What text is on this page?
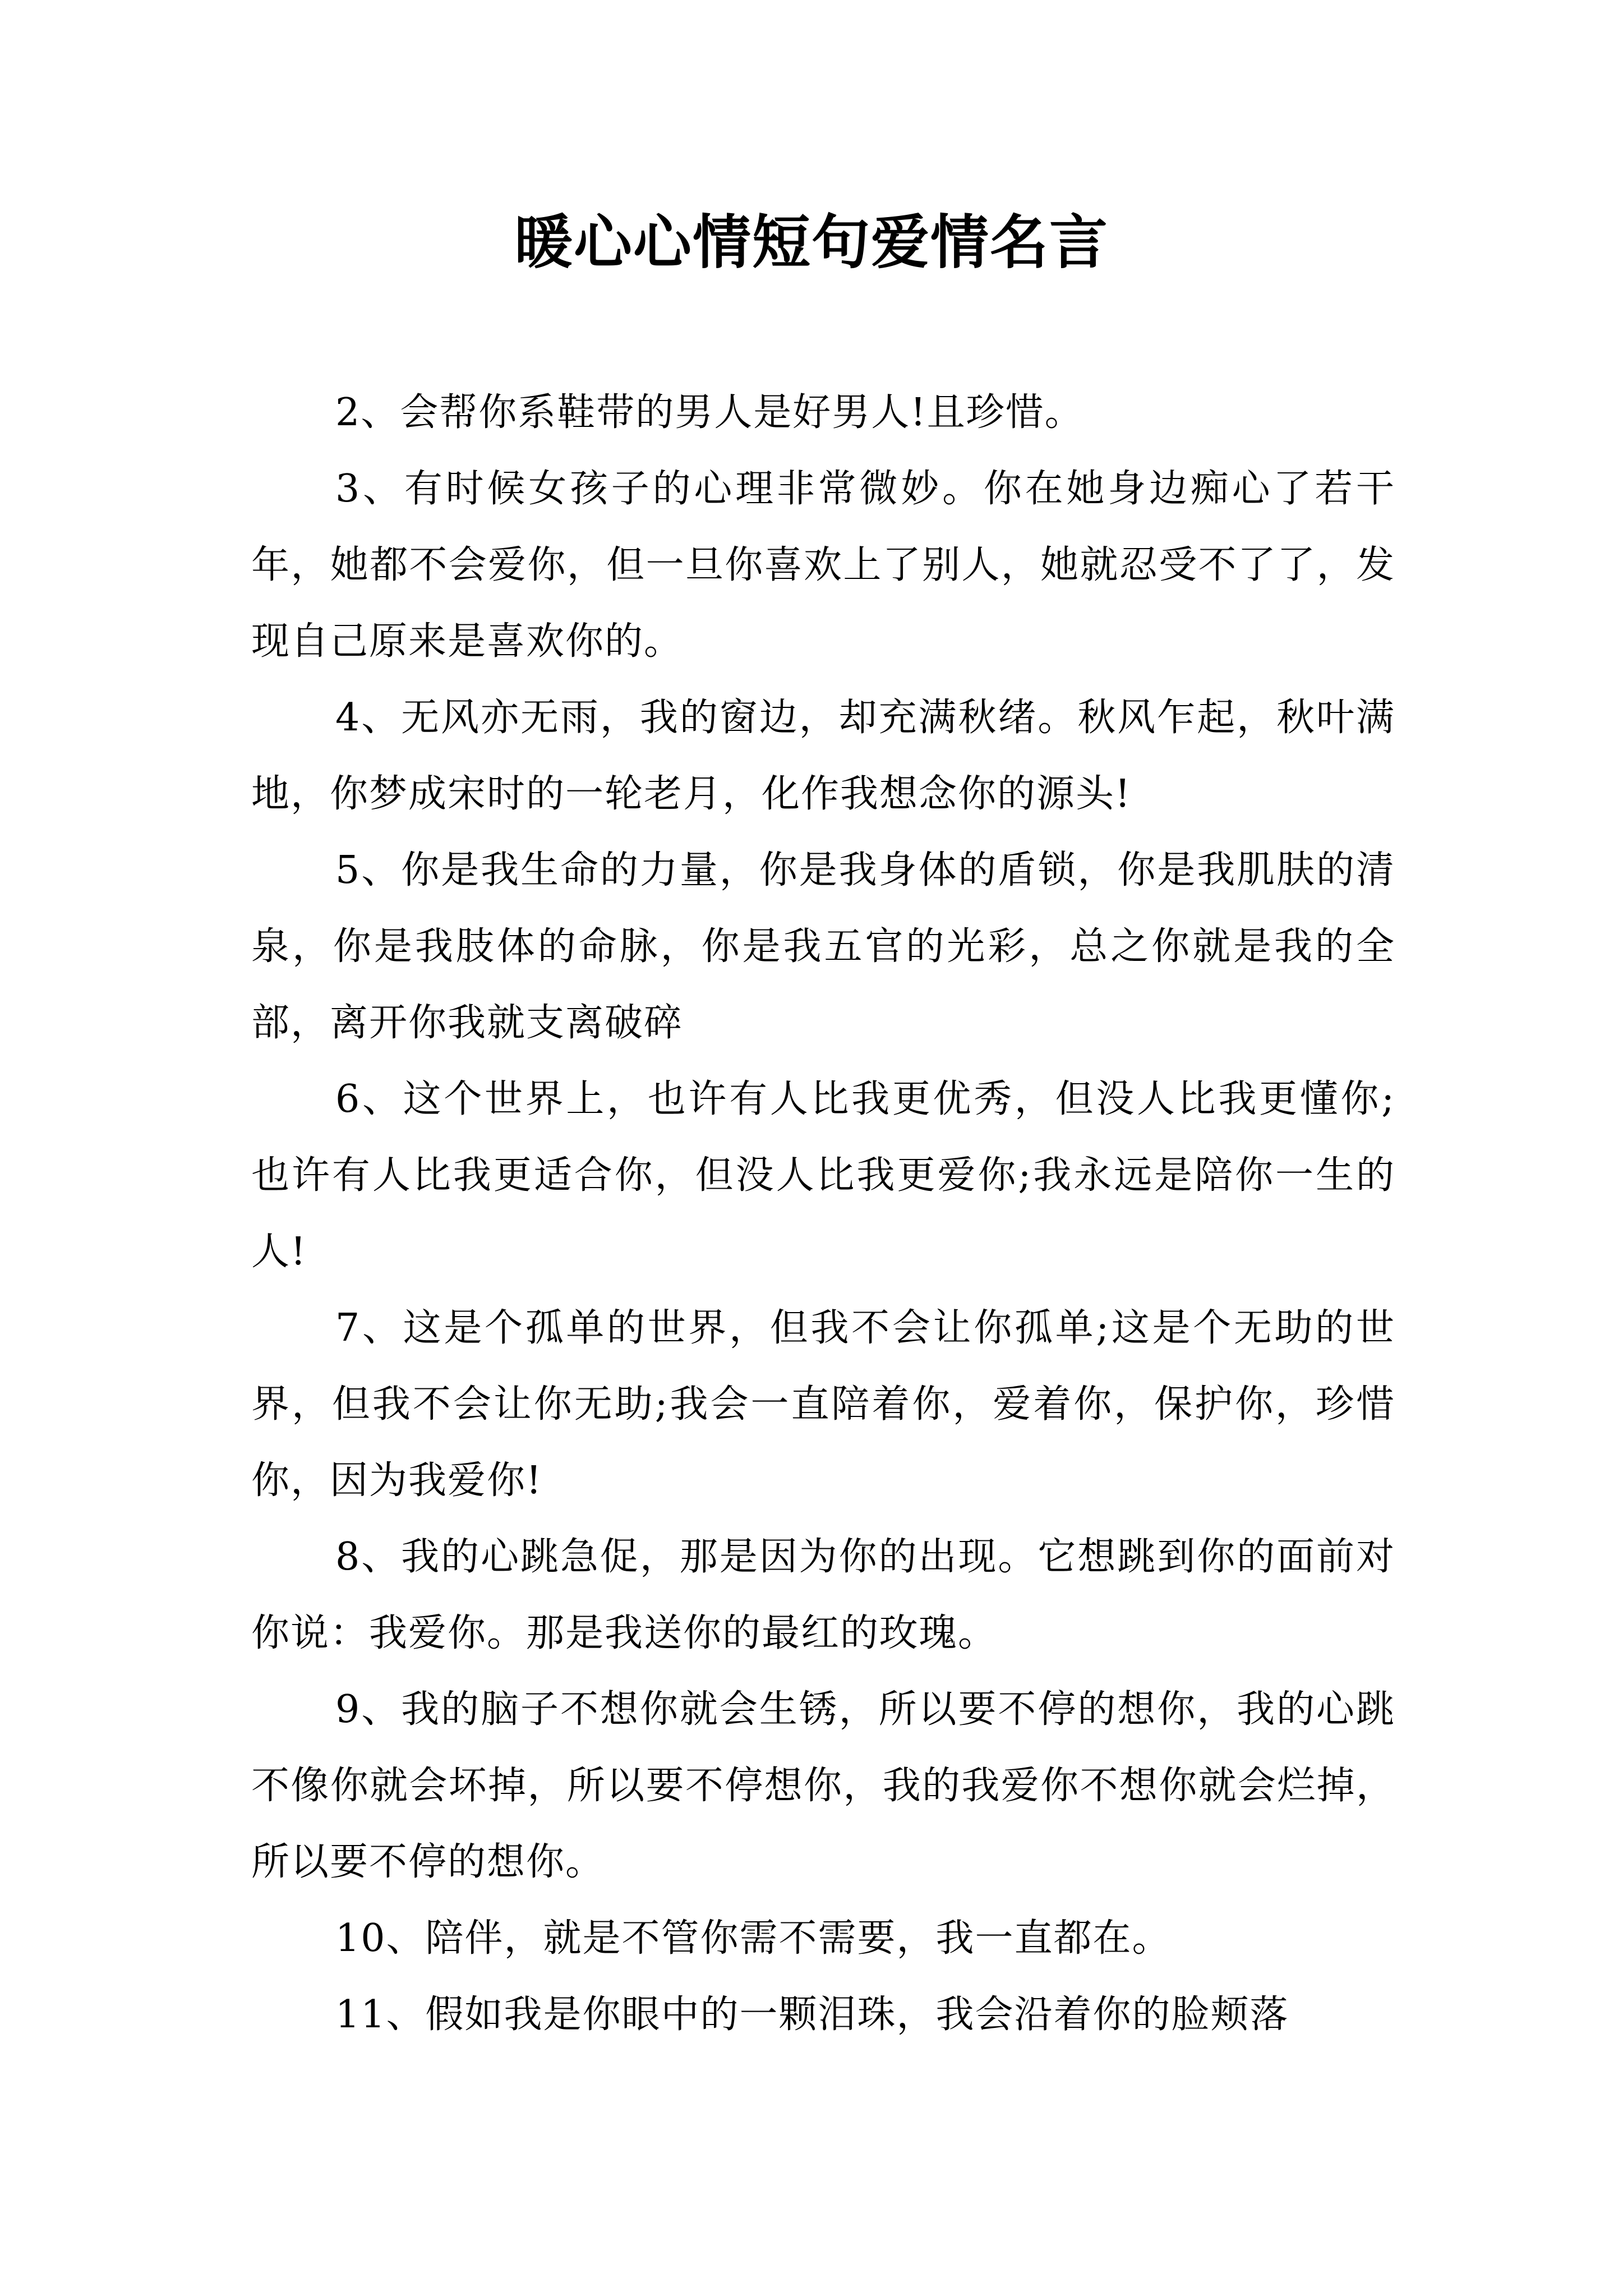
暖心心情短句爱情名言

2、会帮你系鞋带的男人是好男人!且珍惜。

3、有时候女孩子的心理非常微妙。你在她身边痴心了若干年，她都不会爱你，但一旦你喜欢上了别人，她就忍受不了了，发现自己原来是喜欢你的。

4、无风亦无雨，我的窗边，却充满秋绪。秋风乍起，秋叶满地，你梦成宋时的一轮老月，化作我想念你的源头!

5、你是我生命的力量，你是我身体的盾锁，你是我肌肤的清泉，你是我肢体的命脉，你是我五官的光彩，总之你就是我的全部，离开你我就支离破碎

6、这个世界上，也许有人比我更优秀，但没人比我更懂你;也许有人比我更适合你，但没人比我更爱你;我永远是陪你一生的人!

7、这是个孤单的世界，但我不会让你孤单;这是个无助的世界，但我不会让你无助;我会一直陪着你，爱着你，保护你，珍惜你，因为我爱你!

8、我的心跳急促，那是因为你的出现。它想跳到你的面前对你说：我爱你。那是我送你的最红的玫瑰。

9、我的脑子不想你就会生锈，所以要不停的想你，我的心跳不像你就会坏掉，所以要不停想你，我的我爱你不想你就会烂掉，所以要不停的想你。

10、陪伴，就是不管你需不需要，我一直都在。

11、假如我是你眼中的一颗泪珠，我会沿着你的脸颊落
